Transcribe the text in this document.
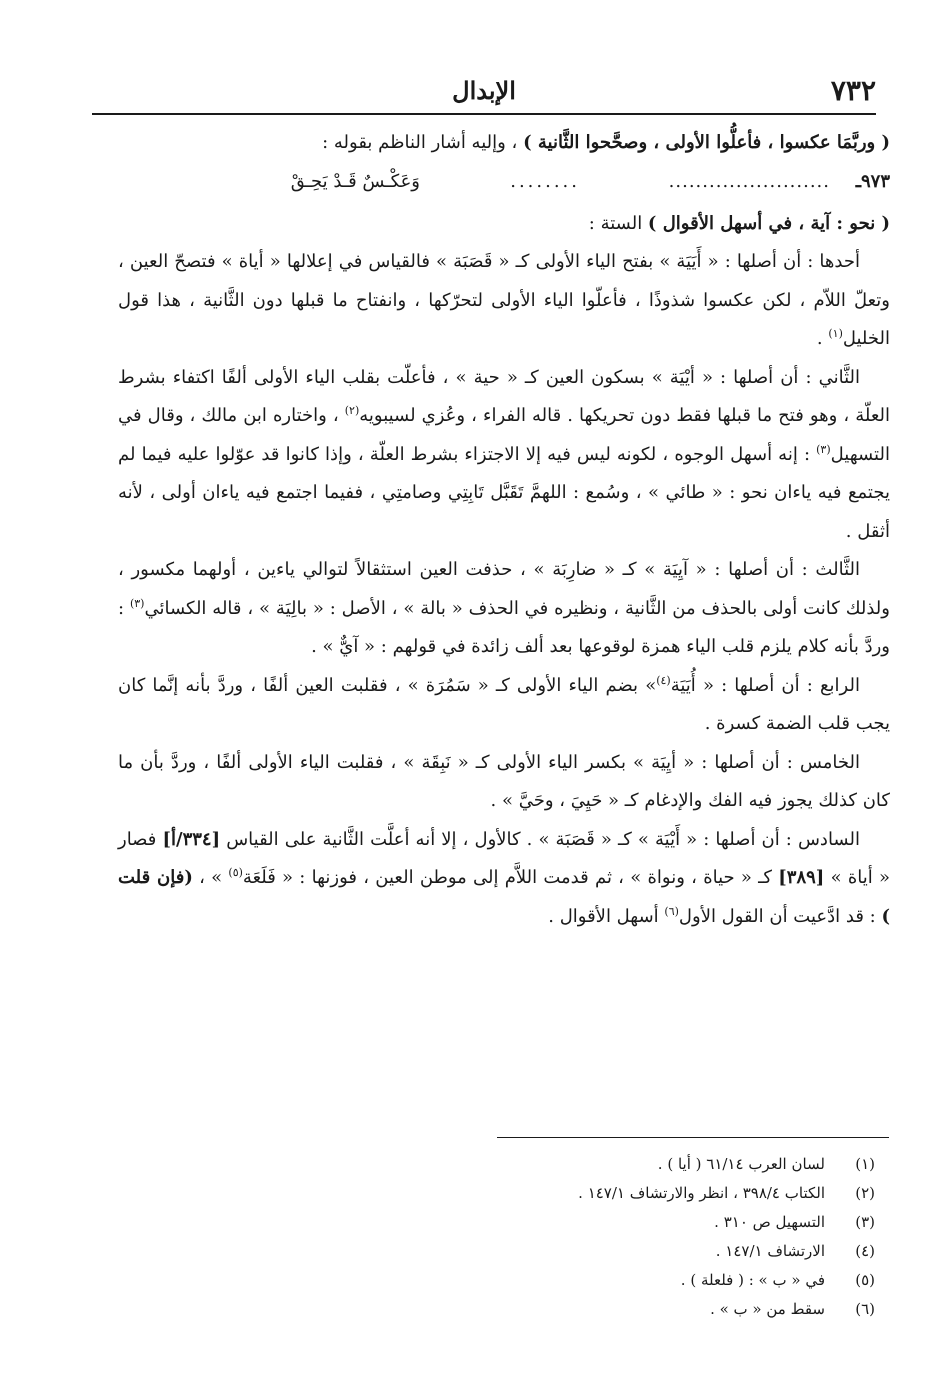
٧٣٢
الإبدال

( وربَّمَا عكسوا ، فأعلُّوا الأولى ، وصحَّحوا الثَّانية ) ، وإليه أشار الناظم بقوله :

٩٧٣ـ
........................
........
وَعَكْـسٌ قَـدْ يَحِـقْ

( نحو : آية ، في أسهل الأقوال ) الستة :

أحدها : أن أصلها : « أَيَيَة » بفتح الياء الأولى كـ « قَصَبَة » فالقياس في إعلالها « أياة » فتصحّ العين ، وتعلّ اللاّم ، لكن عكسوا شذوذًا ، فأعلّوا الياء الأولى لتحرّكها ، وانفتاح ما قبلها دون الثَّانية ، هذا قول الخليل$^{(١)}$ .

الثَّاني : أن أصلها : « أيْيَة » بسكون العين كـ « حية » ، فأعلّت بقلب الياء الأولى ألفًا اكتفاء بشرط العلّة ، وهو فتح ما قبلها فقط دون تحريكها . قاله الفراء ، وعُزي لسيبويه$^{(٢)}$ ، واختاره ابن مالك ، وقال في التسهيل$^{(٣)}$ : إنه أسهل الوجوه ، لكونه ليس فيه إلا الاجتزاء بشرط العلّة ، وإذا كانوا قد عوّلوا عليه فيما لم يجتمع فيه ياءان نحو : « طائي » ، وسُمع : اللهمَّ تَقَبَّل تَابِتِي وصامتِي ، ففيما اجتمع فيه ياءان أولى ، لأنه أثقل .

الثَّالث : أن أصلها : « آيِيَة » كـ « ضارِبَة » ، حذفت العين استثقالاً لتوالي ياءين ، أولهما مكسور ، ولذلك كانت أولى بالحذف من الثَّانية ، ونظيره في الحذف « بالة » ، الأصل : « بالِيَة » ، قاله الكسائي$^{(٣)}$ : وردَّ بأنه كلام يلزم قلب الياء همزة لوقوعها بعد ألف زائدة في قولهم : « آيٌّ » .

الرابع : أن أصلها : « أُيَيَة$^{(٤)}$» بضم الياء الأولى كـ « سَمُرَة » ، فقلبت العين ألفًا ، وردَّ بأنه إنَّما كان يجب قلب الضمة كسرة .

الخامس : أن أصلها : « أيِيَة » بكسر الياء الأولى كـ « نَبِقَة » ، فقلبت الياء الأولى ألفًا ، وردَّ بأن ما كان كذلك يجوز فيه الفك والإدغام كـ « حَيِيَ ، وحَيَّ » .

السادس : أن أصلها : « أَيْيَة » كـ « قَصَبَة » . كالأول ، إلا أنه أعلَّت الثَّانية على القياس [٣٣٤/أ] فصار « أياة » [٣٨٩] كـ « حياة ، ونواة » ، ثم قدمت اللاَّم إلى موطن العين ، فوزنها : « فَلَعَة$^{(٥)}$ » ، (فإن قلت ) : قد ادَّعيت أن القول الأول$^{(٦)}$ أسهل الأقوال .

(١)
لسان العرب ٦١/١٤ ( أيا ) .
(٢)
الكتاب ٣٩٨/٤ ، انظر والارتشاف ١٤٧/١ .
(٣)
التسهيل ص ٣١٠ .
(٤)
الارتشاف ١٤٧/١ .
(٥)
في « ب » : ( فلعلة ) .
(٦)
سقط من « ب » .
